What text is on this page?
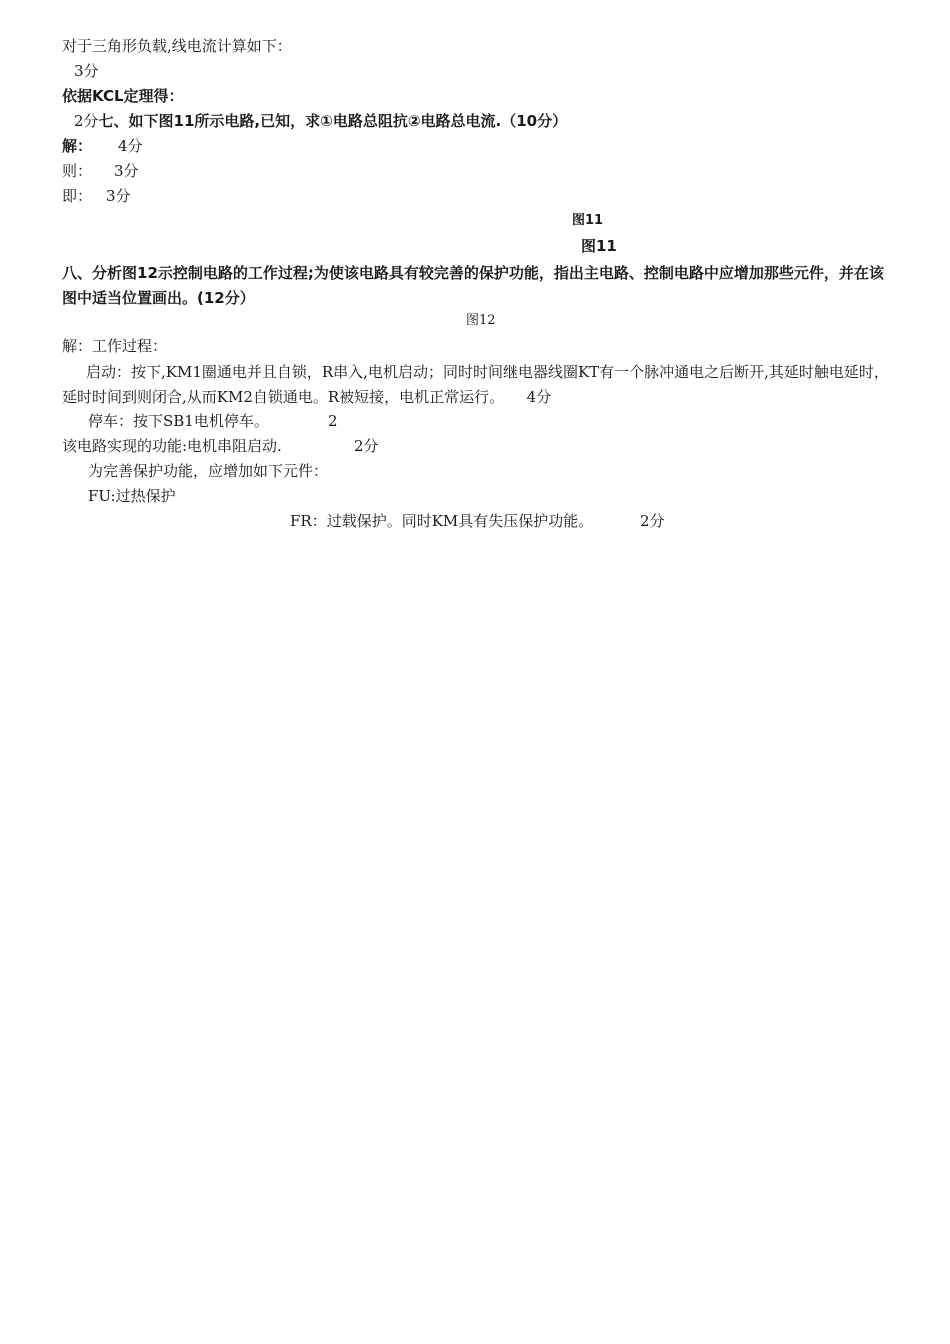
对于三角形负载,线电流计算如下：
3分
依据KCL定理得：
2分七、如下图11所示电路,已知，求①电路总阻抗②电路总电流.（10分）
解： 4分
则： 3分
即： 3分
图11
图11
八、分析图12示控制电路的工作过程;为使该电路具有较完善的保护功能，指出主电路、控制电路中应增加那些元件，并在该图中适当位置画出。(12分）
图12
解：工作过程：
启动：按下,KM1圈通电并且自锁，R串入,电机启动；同时时间继电器线圈KT有一个脉冲通电之后断开,其延时触电延时，延时时间到则闭合,从而KM2自锁通电。R被短接，电机正常运行。　　4分
停车：按下SB1电机停车。	2
该电路实现的功能:电机串阻启动.	2分
为完善保护功能，应增加如下元件：
FU:过热保护
FR：过载保护。同时KM具有失压保护功能。	2分
